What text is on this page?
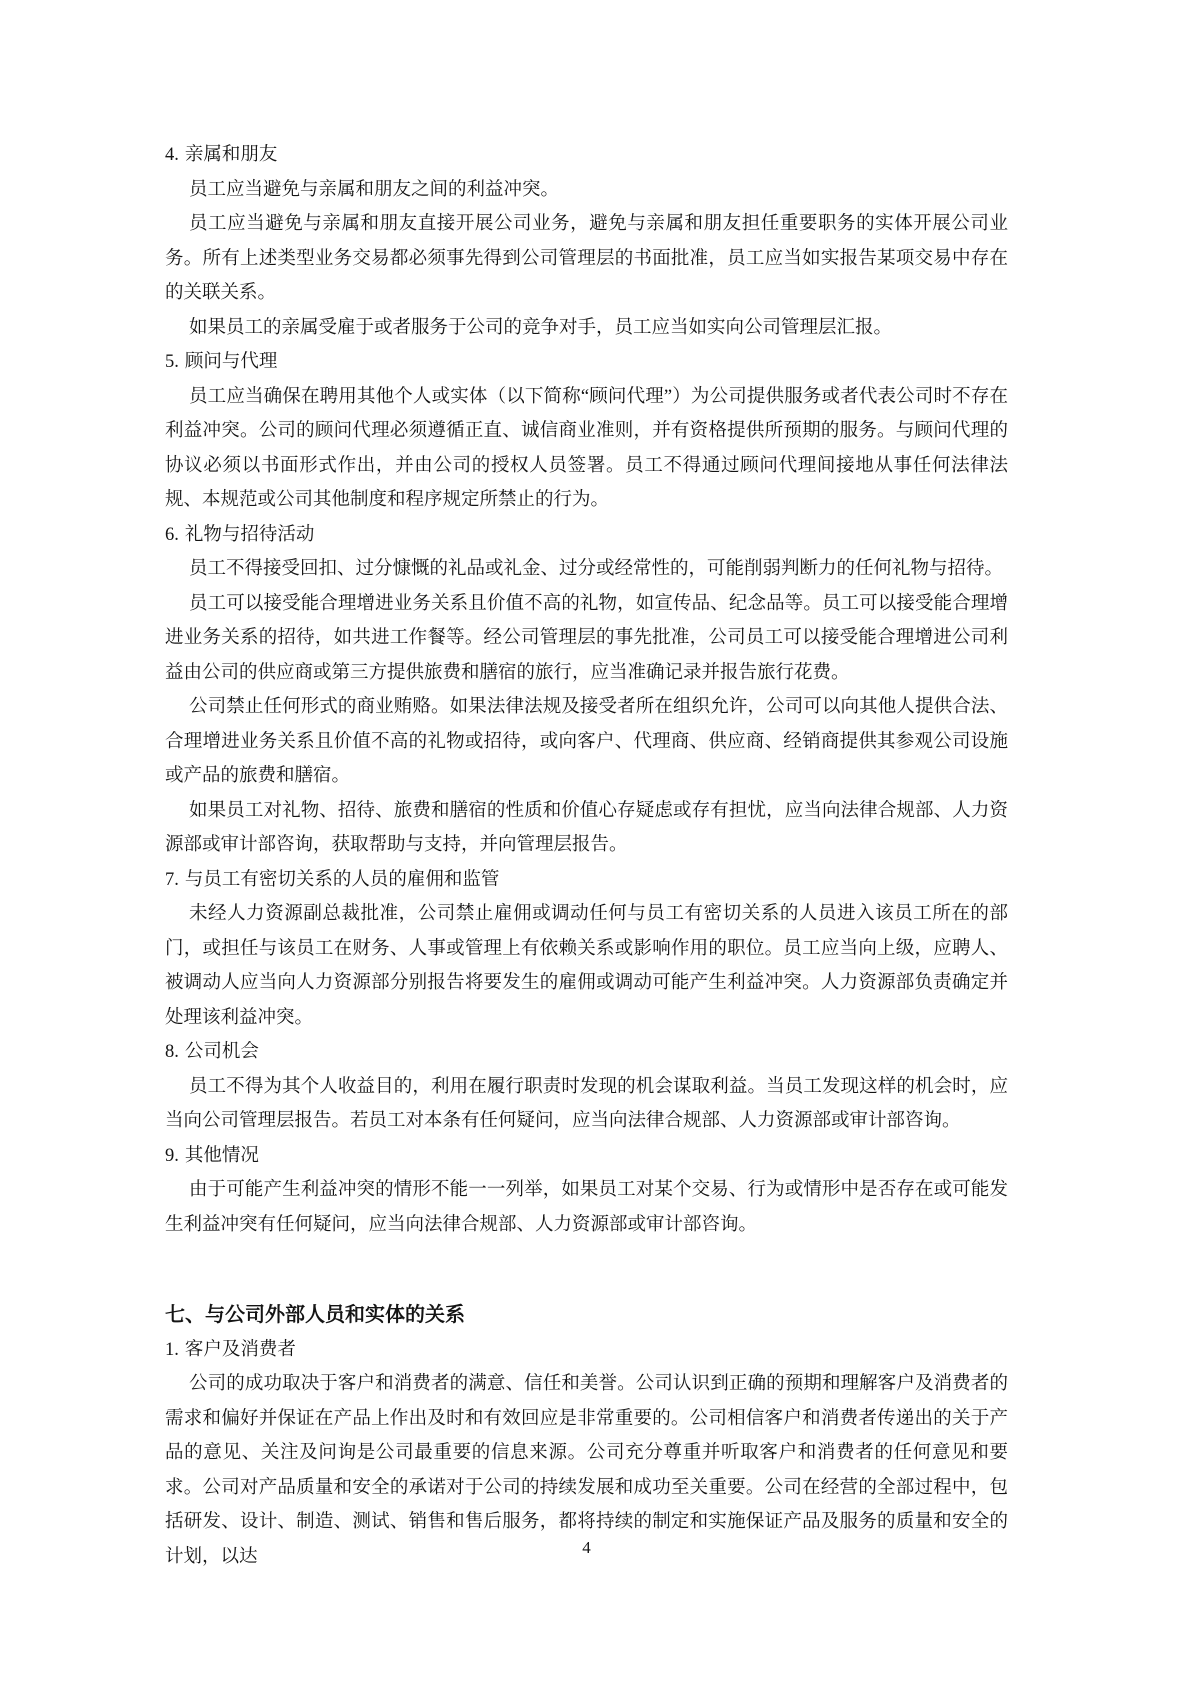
4. 亲属和朋友

员工应当避免与亲属和朋友之间的利益冲突。

员工应当避免与亲属和朋友直接开展公司业务，避免与亲属和朋友担任重要职务的实体开展公司业务。所有上述类型业务交易都必须事先得到公司管理层的书面批准，员工应当如实报告某项交易中存在的关联关系。

如果员工的亲属受雇于或者服务于公司的竞争对手，员工应当如实向公司管理层汇报。

5. 顾问与代理

员工应当确保在聘用其他个人或实体（以下简称“顾问代理”）为公司提供服务或者代表公司时不存在利益冲突。公司的顾问代理必须遵循正直、诚信商业准则，并有资格提供所预期的服务。与顾问代理的协议必须以书面形式作出，并由公司的授权人员签署。员工不得通过顾问代理间接地从事任何法律法规、本规范或公司其他制度和程序规定所禁止的行为。

6. 礼物与招待活动

员工不得接受回扣、过分慷慨的礼品或礼金、过分或经常性的，可能削弱判断力的任何礼物与招待。

员工可以接受能合理增进业务关系且价值不高的礼物，如宣传品、纪念品等。员工可以接受能合理增进业务关系的招待，如共进工作餐等。经公司管理层的事先批准，公司员工可以接受能合理增进公司利益由公司的供应商或第三方提供旅费和膳宿的旅行，应当准确记录并报告旅行花费。

公司禁止任何形式的商业贿赂。如果法律法规及接受者所在组织允许，公司可以向其他人提供合法、合理增进业务关系且价值不高的礼物或招待，或向客户、代理商、供应商、经销商提供其参观公司设施或产品的旅费和膳宿。

如果员工对礼物、招待、旅费和膳宿的性质和价值心存疑虑或存有担忧，应当向法律合规部、人力资源部或审计部咨询，获取帮助与支持，并向管理层报告。

7. 与员工有密切关系的人员的雇佣和监管

未经人力资源副总裁批准，公司禁止雇佣或调动任何与员工有密切关系的人员进入该员工所在的部门，或担任与该员工在财务、人事或管理上有依赖关系或影响作用的职位。员工应当向上级，应聘人、被调动人应当向人力资源部分别报告将要发生的雇佣或调动可能产生利益冲突。人力资源部负责确定并处理该利益冲突。

8. 公司机会

员工不得为其个人收益目的，利用在履行职责时发现的机会谋取利益。当员工发现这样的机会时，应当向公司管理层报告。若员工对本条有任何疑问，应当向法律合规部、人力资源部或审计部咨询。

9. 其他情况

由于可能产生利益冲突的情形不能一一列举，如果员工对某个交易、行为或情形中是否存在或可能发生利益冲突有任何疑问，应当向法律合规部、人力资源部或审计部咨询。

七、与公司外部人员和实体的关系
1. 客户及消费者

公司的成功取决于客户和消费者的满意、信任和美誉。公司认识到正确的预期和理解客户及消费者的需求和偏好并保证在产品上作出及时和有效回应是非常重要的。公司相信客户和消费者传递出的关于产品的意见、关注及问询是公司最重要的信息来源。公司充分尊重并听取客户和消费者的任何意见和要求。公司对产品质量和安全的承诺对于公司的持续发展和成功至关重要。公司在经营的全部过程中，包括研发、设计、制造、测试、销售和售后服务，都将持续的制定和实施保证产品及服务的质量和安全的计划，以达	4
